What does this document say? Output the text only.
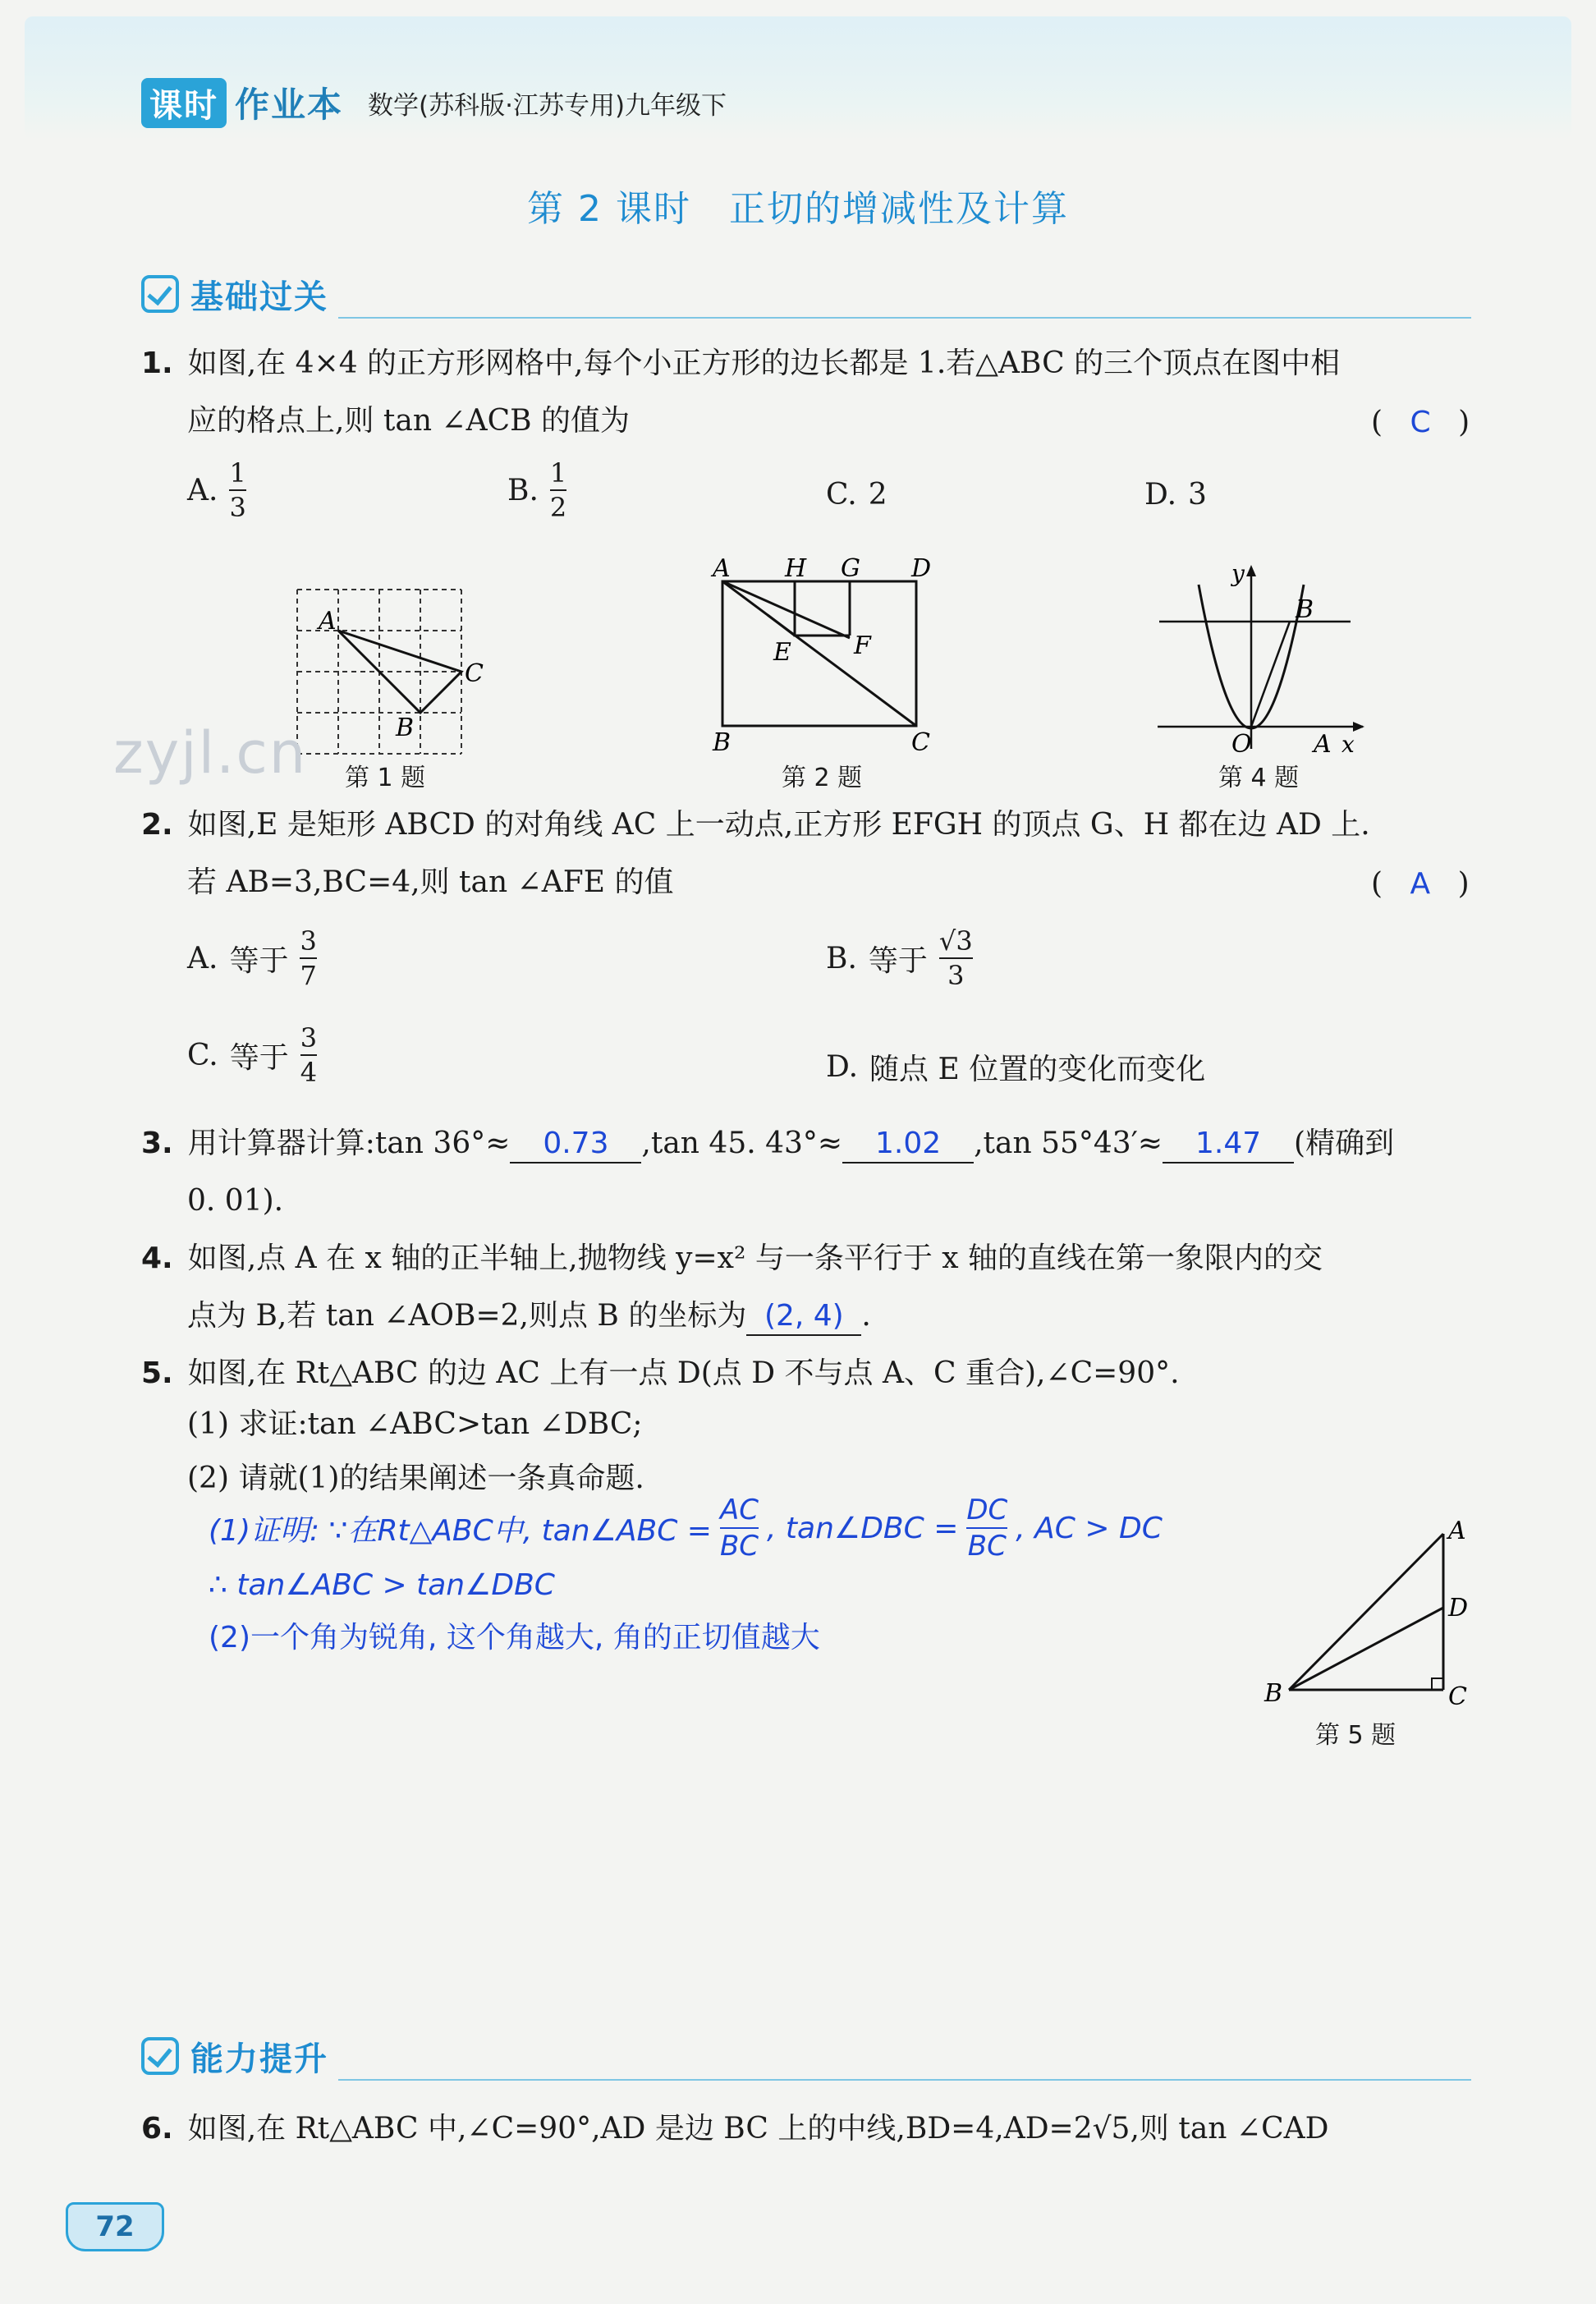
课时 作业本 数学(苏科版·江苏专用)九年级下
第 2 课时　正切的增减性及计算
基础过关
1. 如图,在 4×4 的正方形网格中,每个小正方形的边长都是 1.若△ABC 的三个顶点在图中相
应的格点上,则 tan ∠ACB 的值为	( C )
A. $\frac{1}{3}$	B. $\frac{1}{2}$	C. 2	D. 3
A
C
B
第 1 题
A H G D
E	F
B	C
第 2 题
y
B
O	A x
第 4 题
zyjl.cn
2. 如图,E 是矩形 ABCD 的对角线 AC 上一动点,正方形 EFGH 的顶点 G、H 都在边 AD 上.
若 AB=3,BC=4,则 tan ∠AFE 的值	( A )
A. 等于 $\frac{3}{7}$	B. 等于 $\frac{√3}{3}$
C. 等于 $\frac{3}{4}$	D. 随点 E 位置的变化而变化
3. 用计算器计算:tan 36°≈ 0.73 ,tan 45. 43°≈ 1.02 ,tan 55°43′≈ 1.47 (精确到
0. 01).
4. 如图,点 A 在 x 轴的正半轴上,抛物线 y=x² 与一条平行于 x 轴的直线在第一象限内的交
点为 B,若 tan ∠AOB=2,则点 B 的坐标为 (2, 4) .
5. 如图,在 Rt△ABC 的边 AC 上有一点 D(点 D 不与点 A、C 重合),∠C=90°.
(1) 求证:tan ∠ABC>tan ∠DBC;
(2) 请就(1)的结果阐述一条真命题.
(1)证明: ∵在Rt△ABC中, tan∠ABC = $\frac{AC}{BC}$ , tan∠DBC = $\frac{DC}{BC}$ , AC > DC
∴ tan∠ABC > tan∠DBC
(2)一个角为锐角, 这个角越大, 角的正切值越大
A
D
B	C
第 5 题
能力提升
6. 如图,在 Rt△ABC 中,∠C=90°,AD 是边 BC 上的中线,BD=4,AD=2√5,则 tan ∠CAD
72
